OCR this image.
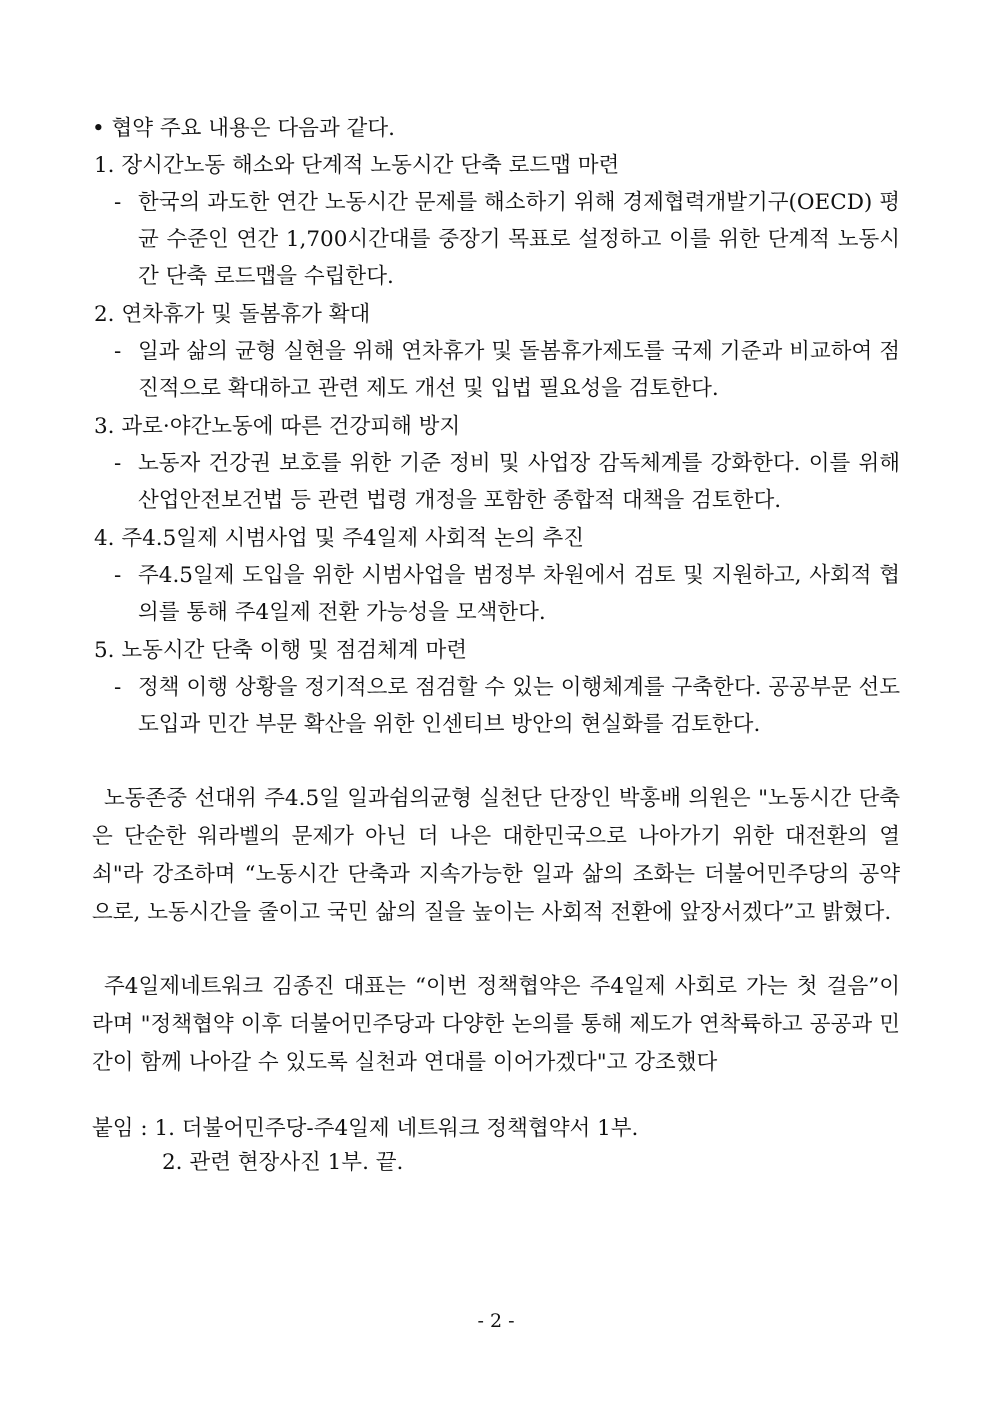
• 협약 주요 내용은 다음과 같다.
1. 장시간노동 해소와 단계적 노동시간 단축 로드맵 마련
- 한국의 과도한 연간 노동시간 문제를 해소하기 위해 경제협력개발기구(OECD) 평균 수준인 연간 1,700시간대를 중장기 목표로 설정하고 이를 위한 단계적 노동시간 단축 로드맵을 수립한다.
2. 연차휴가 및 돌봄휴가 확대
- 일과 삶의 균형 실현을 위해 연차휴가 및 돌봄휴가제도를 국제 기준과 비교하여 점진적으로 확대하고 관련 제도 개선 및 입법 필요성을 검토한다.
3. 과로·야간노동에 따른 건강피해 방지
- 노동자 건강권 보호를 위한 기준 정비 및 사업장 감독체계를 강화한다. 이를 위해 산업안전보건법 등 관련 법령 개정을 포함한 종합적 대책을 검토한다.
4. 주4.5일제 시범사업 및 주4일제 사회적 논의 추진
- 주4.5일제 도입을 위한 시범사업을 범정부 차원에서 검토 및 지원하고, 사회적 협의를 통해 주4일제 전환 가능성을 모색한다.
5. 노동시간 단축 이행 및 점검체계 마련
- 정책 이행 상황을 정기적으로 점검할 수 있는 이행체계를 구축한다. 공공부문 선도 도입과 민간 부문 확산을 위한 인센티브 방안의 현실화를 검토한다.
노동존중 선대위 주4.5일 일과쉼의균형 실천단 단장인 박홍배 의원은 "노동시간 단축은 단순한 워라벨의 문제가 아닌 더 나은 대한민국으로 나아가기 위한 대전환의 열쇠"라 강조하며 “노동시간 단축과 지속가능한 일과 삶의 조화는 더불어민주당의 공약으로, 노동시간을 줄이고 국민 삶의 질을 높이는 사회적 전환에 앞장서겠다”고 밝혔다.
주4일제네트워크 김종진 대표는 “이번 정책협약은 주4일제 사회로 가는 첫 걸음”이라며 "정책협약 이후 더불어민주당과 다양한 논의를 통해 제도가 연착륙하고 공공과 민간이 함께 나아갈 수 있도록 실천과 연대를 이어가겠다"고 강조했다
붙임 : 1. 더불어민주당-주4일제 네트워크 정책협약서 1부.
2. 관련 현장사진 1부. 끝.
- 2 -
